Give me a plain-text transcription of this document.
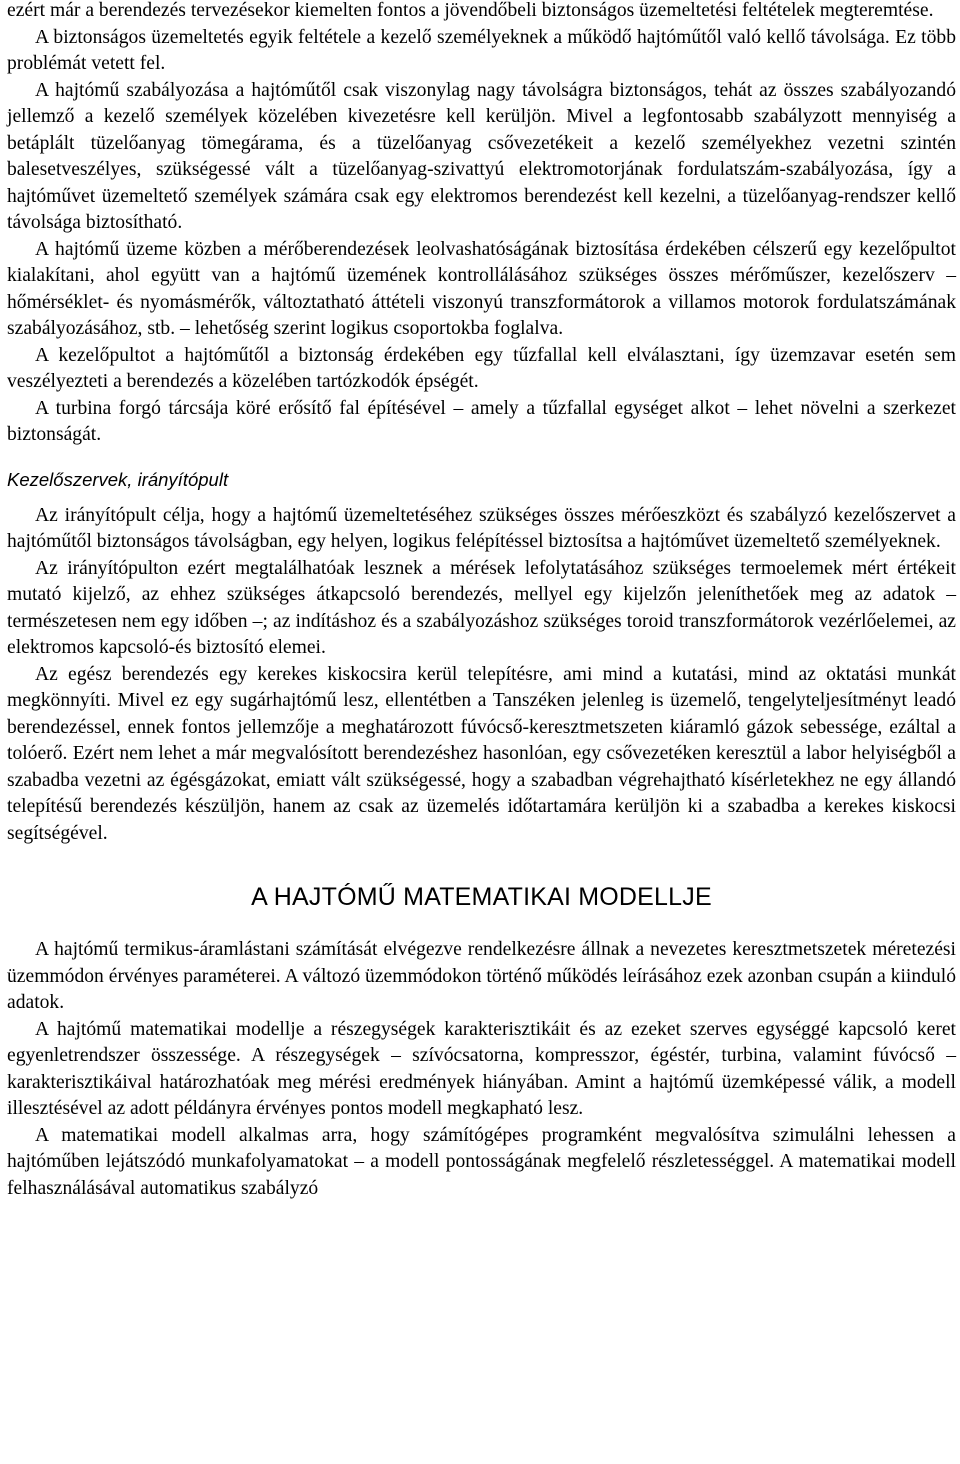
ezért már a berendezés tervezésekor kiemelten fontos a jövendőbeli biztonságos üzemeltetési feltételek megteremtése.

A biztonságos üzemeltetés egyik feltétele a kezelő személyeknek a működő hajtóműtől való kellő távolsága. Ez több problémát vetett fel.

A hajtómű szabályozása a hajtóműtől csak viszonylag nagy távolságra biztonságos, tehát az összes szabályozandó jellemző a kezelő személyek közelében kivezetésre kell kerüljön. Mivel a legfontosabb szabályzott mennyiség a betáplált tüzelőanyag tömegárama, és a tüzelőanyag csővezetékeit a kezelő személyekhez vezetni szintén balesetveszélyes, szükségessé vált a tüzelőanyag-szivattyú elektromotorjának fordulatszám-szabályozása, így a hajtóművet üzemeltető személyek számára csak egy elektromos berendezést kell kezelni, a tüzelőanyag-rendszer kellő távolsága biztosítható.

A hajtómű üzeme közben a mérőberendezések leolvashatóságának biztosítása érdekében célszerű egy kezelőpultot kialakítani, ahol együtt van a hajtómű üzemének kontrollálásához szükséges összes mérőműszer, kezelőszerv – hőmérséklet- és nyomásmérők, változtatható áttételi viszonyú transzformátorok a villamos motorok fordulatszámának szabályozásához, stb. – lehetőség szerint logikus csoportokba foglalva.

A kezelőpultot a hajtóműtől a biztonság érdekében egy tűzfallal kell elválasztani, így üzemzavar esetén sem veszélyezteti a berendezés a közelében tartózkodók épségét.

A turbina forgó tárcsája köré erősítő fal építésével – amely a tűzfallal egységet alkot – lehet növelni a szerkezet biztonságát.

Kezelőszervek, irányítópult

Az irányítópult célja, hogy a hajtómű üzemeltetéséhez szükséges összes mérőeszközt és szabályzó kezelőszervet a hajtóműtől biztonságos távolságban, egy helyen, logikus felépítéssel biztosítsa a hajtóművet üzemeltető személyeknek.

Az irányítópulton ezért megtalálhatóak lesznek a mérések lefolytatásához szükséges termoelemek mért értékeit mutató kijelző, az ehhez szükséges átkapcsoló berendezés, mellyel egy kijelzőn jeleníthetőek meg az adatok – természetesen nem egy időben –; az indításhoz és a szabályozáshoz szükséges toroid transzformátorok vezérlőelemei, az elektromos kapcsoló-és biztosító elemei.

Az egész berendezés egy kerekes kiskocsira kerül telepítésre, ami mind a kutatási, mind az oktatási munkát megkönnyíti. Mivel ez egy sugárhajtómű lesz, ellentétben a Tanszéken jelenleg is üzemelő, tengelyteljesítményt leadó berendezéssel, ennek fontos jellemzője a meghatározott fúvócső-keresztmetszeten kiáramló gázok sebessége, ezáltal a tolóerő. Ezért nem lehet a már megvalósított berendezéshez hasonlóan, egy csővezetéken keresztül a labor helyiségből a szabadba vezetni az égésgázokat, emiatt vált szükségessé, hogy a szabadban végrehajtható kísérletekhez ne egy állandó telepítésű berendezés készüljön, hanem az csak az üzemelés időtartamára kerüljön ki a szabadba a kerekes kiskocsi segítségével.

A HAJTÓMŰ MATEMATIKAI MODELLJE

A hajtómű termikus-áramlástani számítását elvégezve rendelkezésre állnak a nevezetes keresztmetszetek méretezési üzemmódon érvényes paraméterei. A változó üzemmódokon történő működés leírásához ezek azonban csupán a kiinduló adatok.

A hajtómű matematikai modellje a részegységek karakterisztikáit és az ezeket szerves egységgé kapcsoló keret egyenletrendszer összessége. A részegységek – szívócsatorna, kompresszor, égéstér, turbina, valamint fúvócső – karakterisztikáival határozhatóak meg mérési eredmények hiányában. Amint a hajtómű üzemképessé válik, a modell illesztésével az adott példányra érvényes pontos modell megkapható lesz.

A matematikai modell alkalmas arra, hogy számítógépes programként megvalósítva szimulálni lehessen a hajtóműben lejátszódó munkafolyamatokat – a modell pontosságának megfelelő részletességgel. A matematikai modell felhasználásával automatikus szabályzó
